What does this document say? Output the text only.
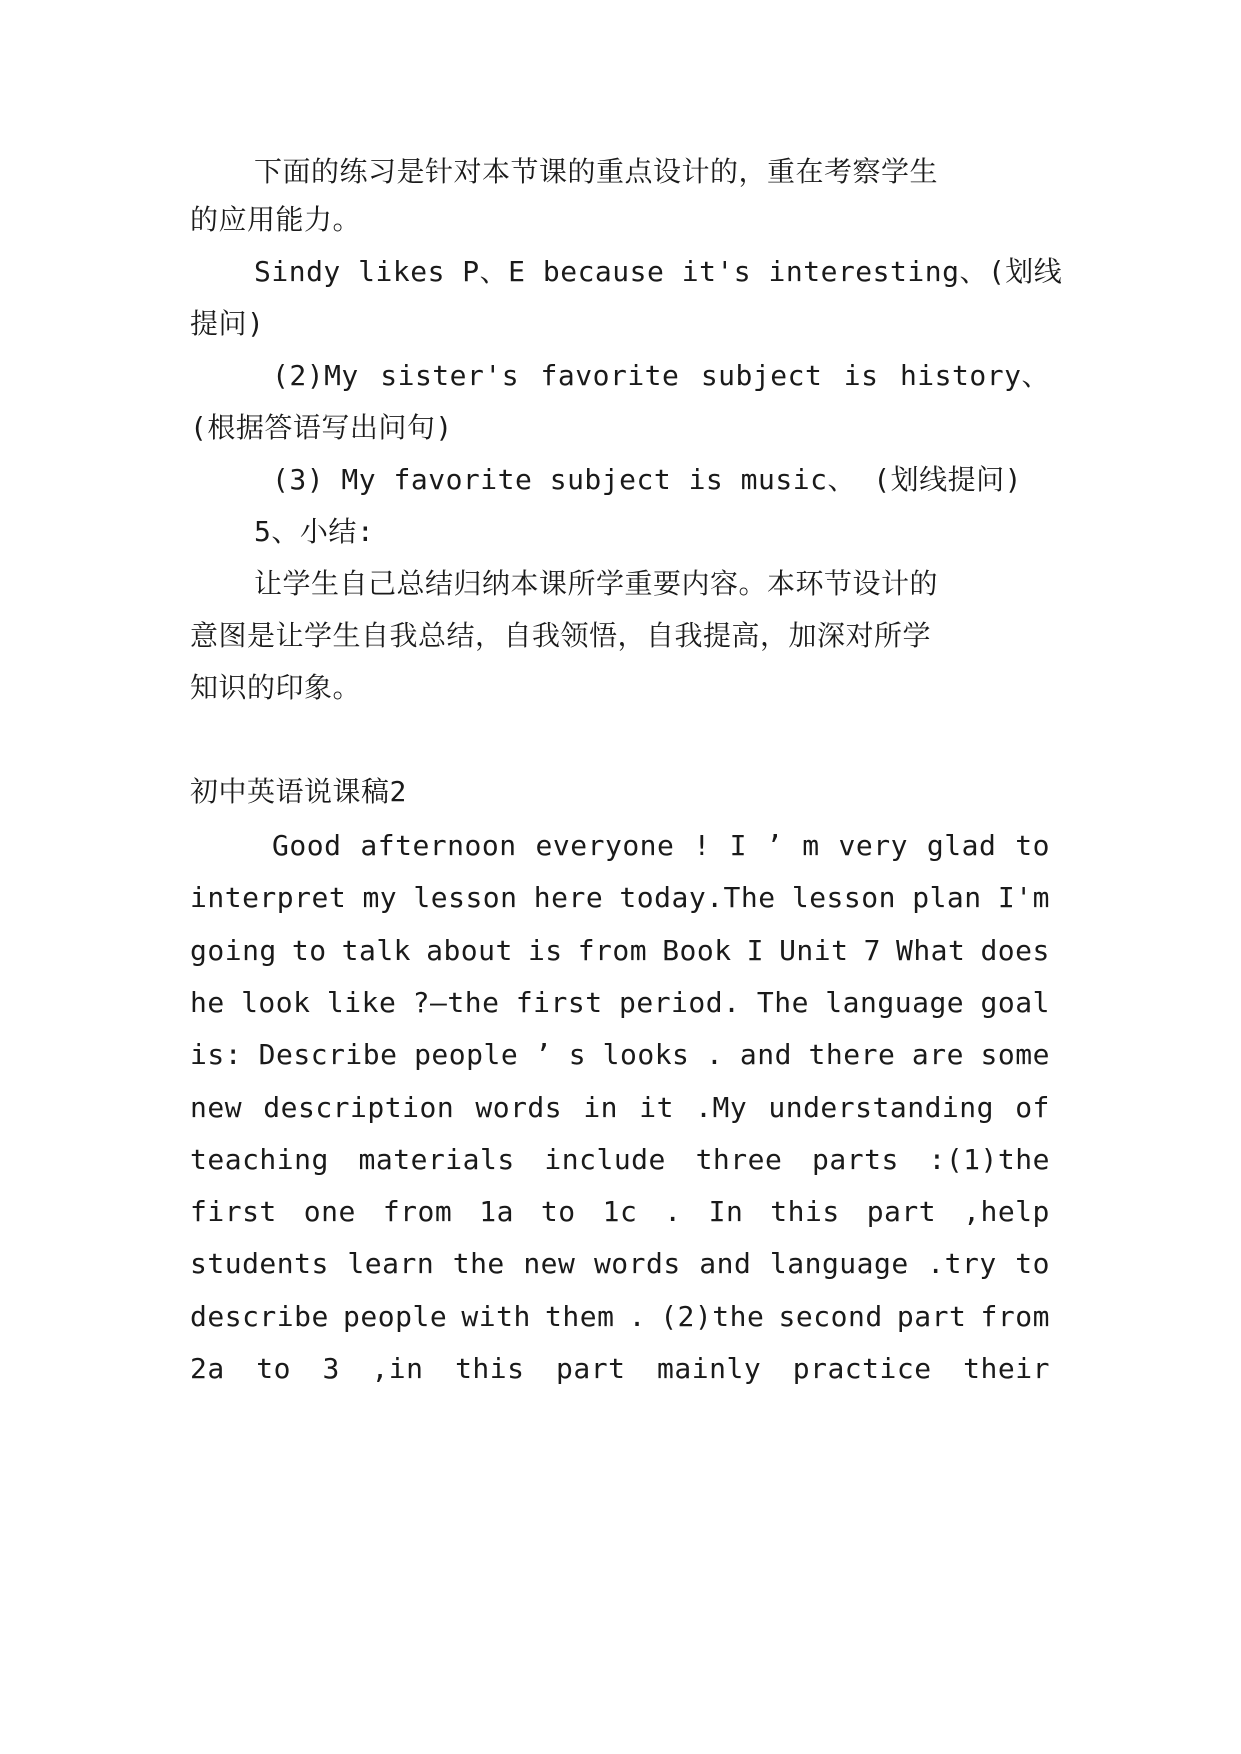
下面的练习是针对本节课的重点设计的，重在考察学生
的应用能力。
Sindy likes P、E because it's interesting、(划线
提问)
(2)My sister's favorite subject is history、
(根据答语写出问句)
(3) My favorite subject is music、 (划线提问)
5、小结:
让学生自己总结归纳本课所学重要内容。本环节设计的
意图是让学生自我总结，自我领悟，自我提高，加深对所学
知识的印象。
初中英语说课稿2
Good afternoon everyone ! I ’ m very glad to
interpret my lesson here today.The lesson plan I'm
going to talk about is from Book I Unit 7 What does
he look like ?—the first period. The language goal
is: Describe people ’ s looks . and there are some
new description words in it .My understanding of
teaching materials include three parts :(1)the
first one from 1a to 1c . In this part ,help
students learn the new words and language .try to
describe people with them . (2)the second part from
2a to 3 ,in this part mainly practice their
